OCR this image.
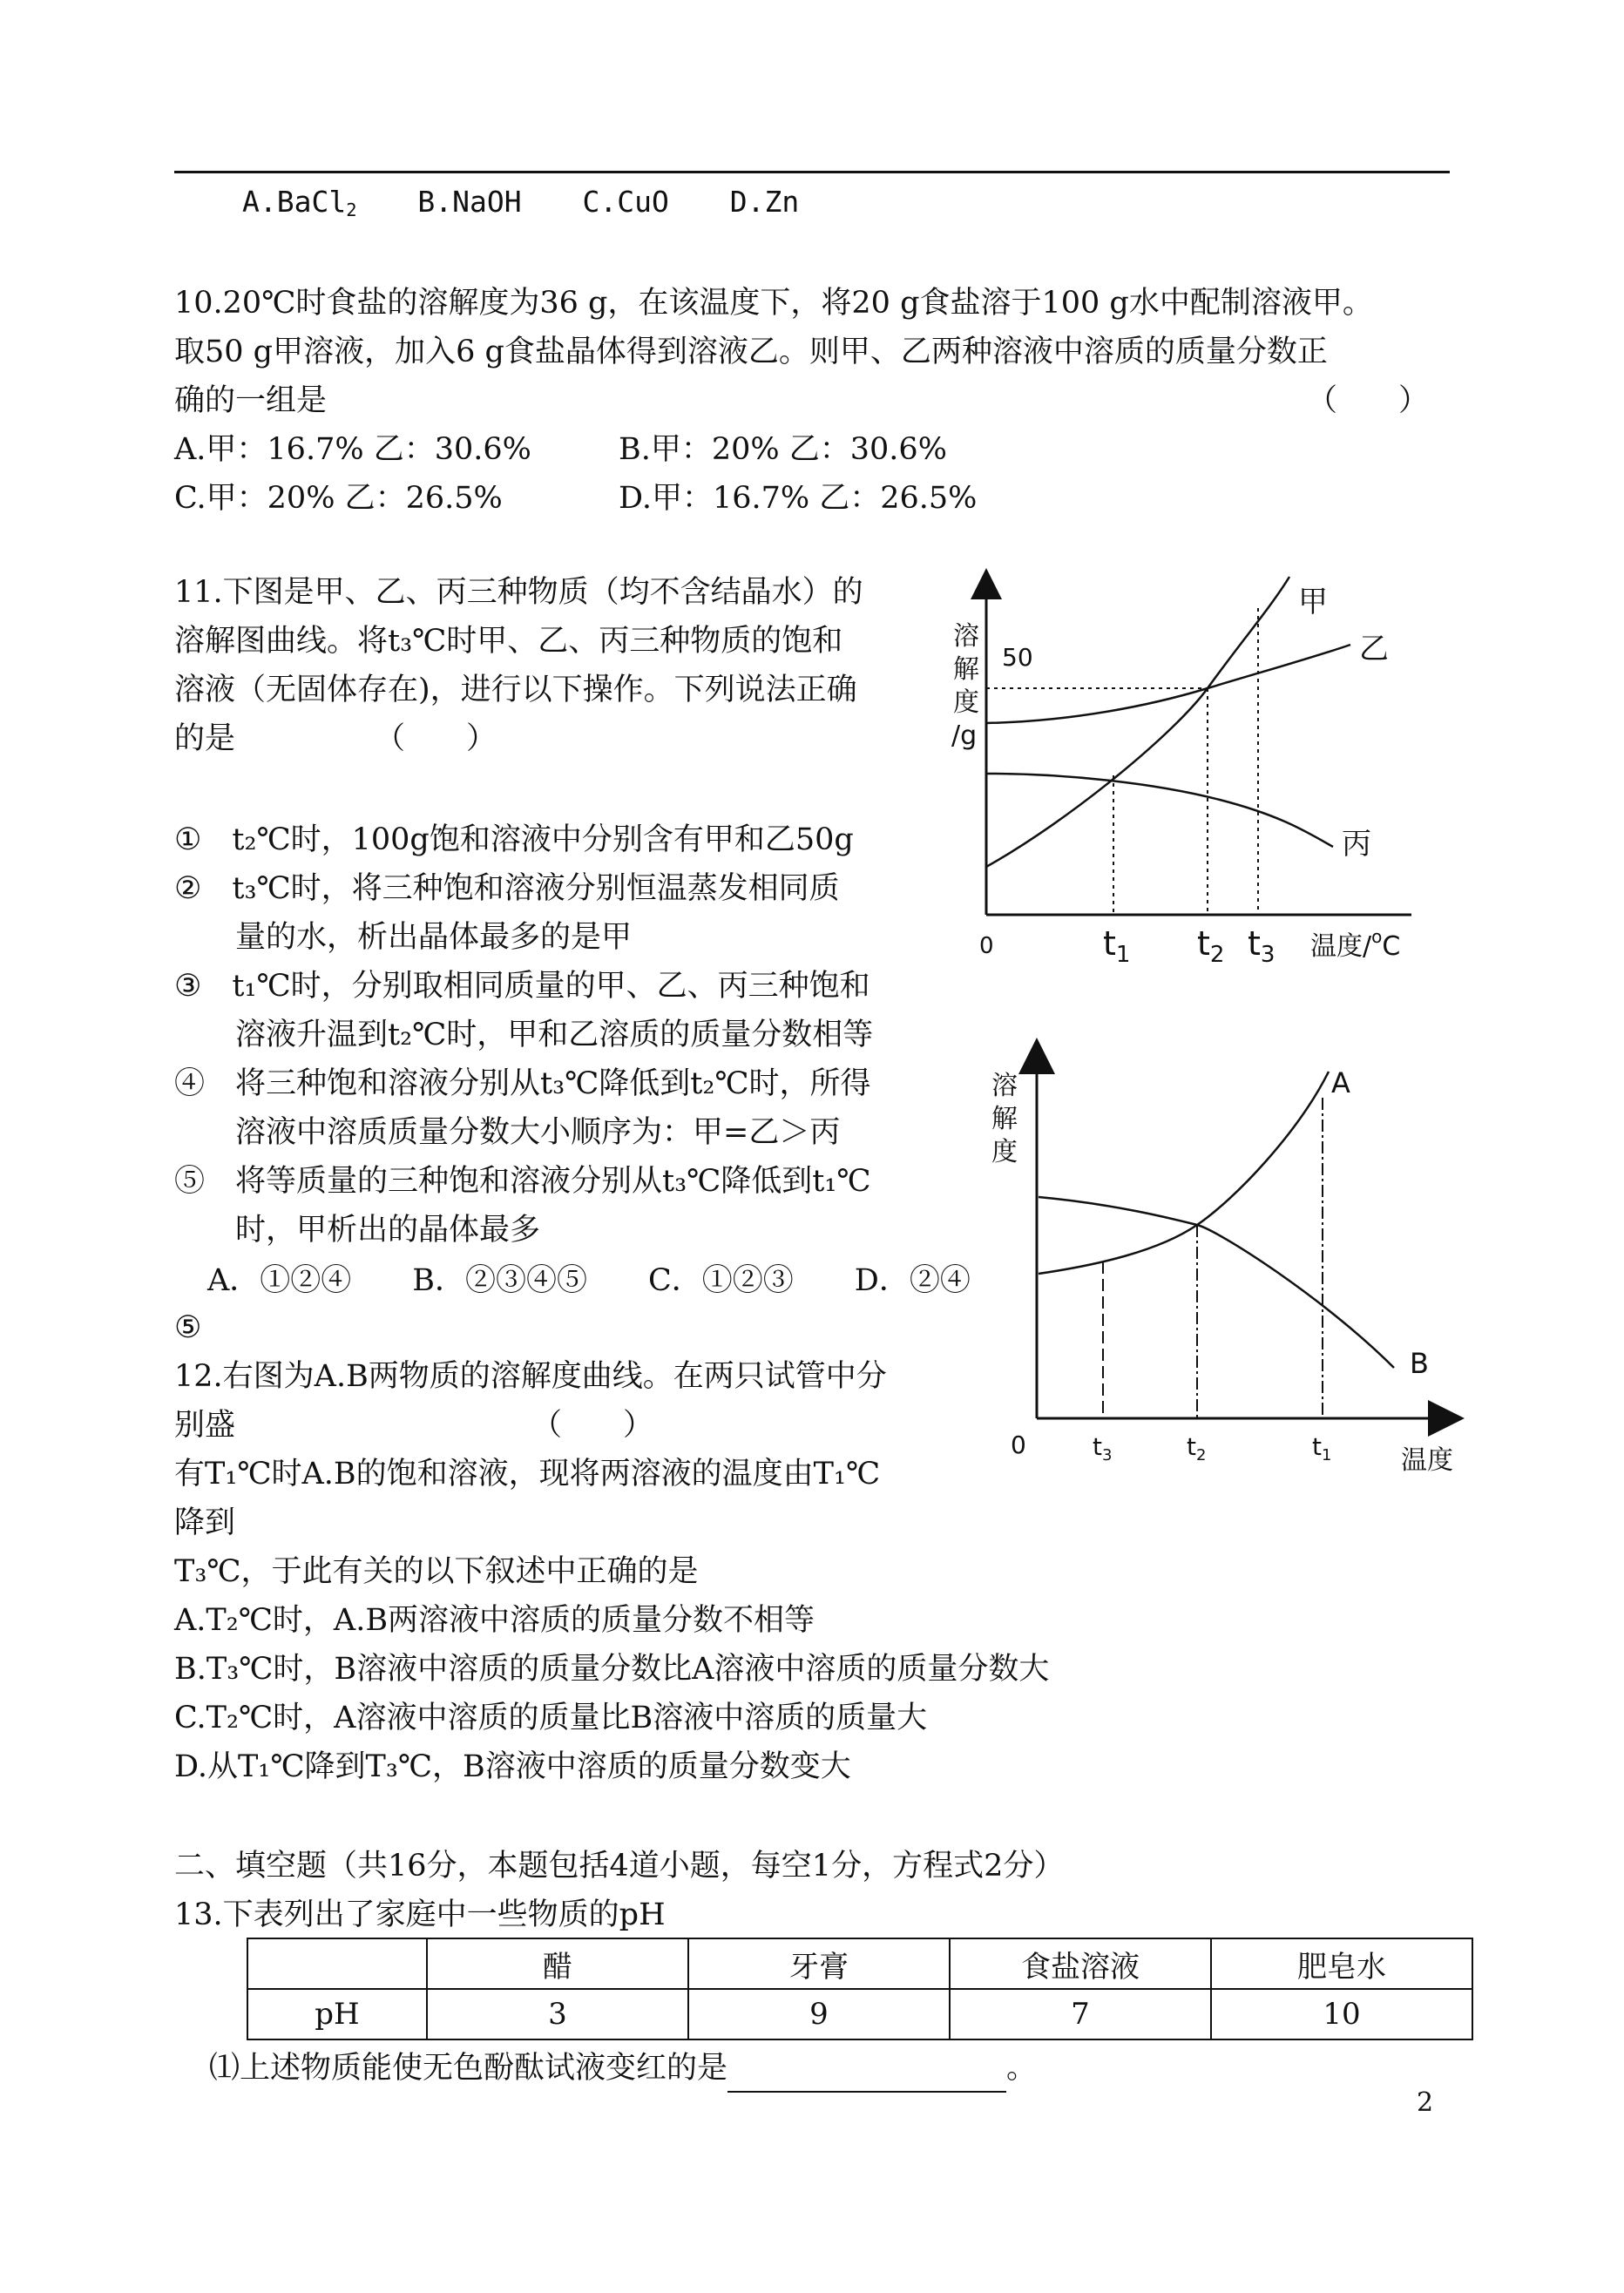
A.BaCl$_2$ B.NaOH C.CuO D.Zn
10.20℃时食盐的溶解度为36 g，在该温度下，将20 g食盐溶于100 g水中配制溶液甲。
取50 g甲溶液，加入6 g食盐晶体得到溶液乙。则甲、乙两种溶液中溶质的质量分数正
确的一组是	（　　）
A.甲：16.7% 乙：30.6%	B.甲：20% 乙：30.6%
C.甲：20% 乙：26.5%	D.甲：16.7% 乙：26.5%
11.下图是甲、乙、丙三种物质（均不含结晶水）的
溶解图曲线。将t₃℃时甲、乙、丙三种物质的饱和
溶液（无固体存在)，进行以下操作。下列说法正确
的是	（　　）
①　t₂℃时，100g饱和溶液中分别含有甲和乙50g
②　t₃℃时，将三种饱和溶液分别恒温蒸发相同质
量的水，析出晶体最多的是甲
③　t₁℃时，分别取相同质量的甲、乙、丙三种饱和
溶液升温到t₂℃时，甲和乙溶质的质量分数相等
④　将三种饱和溶液分别从t₃℃降低到t₂℃时，所得
溶液中溶质质量分数大小顺序为：甲=乙＞丙
⑤　将等质量的三种饱和溶液分别从t₃℃降低到t₁℃
时，甲析出的晶体最多
A．①②④　　B．②③④⑤　　C．①②③　　D．②④
⑤
溶
解
度
/g
50
甲
乙
丙
0	$t_1$ $t_2$ $t_3$ 温度/$^o$C
溶
解
度
A
B
0	$t_3$	$t_2$	$t_1$	温度
12.右图为A.B两物质的溶解度曲线。在两只试管中分
别盛	（　　）
有T₁℃时A.B的饱和溶液，现将两溶液的温度由T₁℃
降到
T₃℃，于此有关的以下叙述中正确的是
A.T₂℃时，A.B两溶液中溶质的质量分数不相等
B.T₃℃时，B溶液中溶质的质量分数比A溶液中溶质的质量分数大
C.T₂℃时，A溶液中溶质的质量比B溶液中溶质的质量大
D.从T₁℃降到T₃℃，B溶液中溶质的质量分数变大
二、填空题（共16分，本题包括4道小题，每空1分，方程式2分）
13.下表列出了家庭中一些物质的pH
	醋	牙膏	食盐溶液	肥皂水
pH	3	9	7	10
⑴上述物质能使无色酚酞试液变红的是	。
2
